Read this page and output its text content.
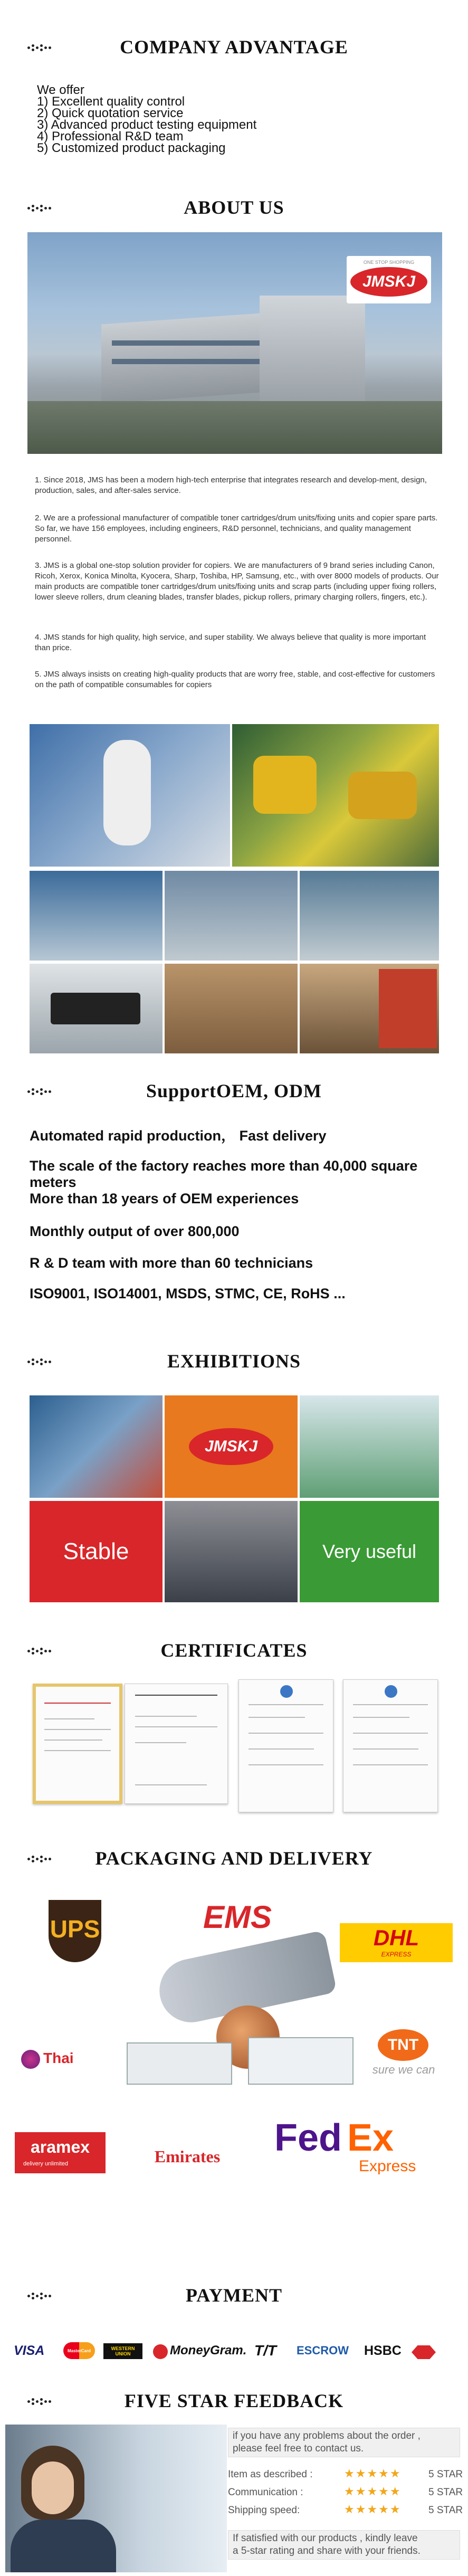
COMPANY ADVANTAGE
We offer
1) Excellent quality control
2) Quick quotation service
3) Advanced product testing equipment
4) Professional R&D team
5) Customized product packaging
ABOUT US
ONE STOP SHOPPING
JMSKJ
1. Since 2018, JMS has been a modern high-tech enterprise that integrates research and develop-ment, design, production, sales, and after-sales service.
2. We are a professional manufacturer of compatible toner cartridges/drum units/fixing units and copier spare parts. So far, we have 156 employees, including engineers, R&D personnel, technicians, and quality management personnel.
3. JMS is a global one-stop solution provider for copiers. We are manufacturers of 9 brand series including Canon, Ricoh, Xerox, Konica Minolta, Kyocera, Sharp, Toshiba, HP, Samsung, etc., with over 8000 models of products. Our main products are compatible toner cartridges/drum units/fixing units and scrap parts (including upper fixing rollers, lower sleeve rollers, drum cleaning blades, transfer blades, pickup rollers, primary charging rollers, fingers, etc.).
4. JMS stands for high quality, high service, and super stability. We always believe that quality is more important than price.
5. JMS always insists on creating high-quality products that are worry free, stable, and cost-effective for customers on the path of compatible consumables for copiers
SupportOEM, ODM
Automated rapid production， Fast delivery
The scale of the factory reaches more than 40,000 square meters
More than 18 years of OEM experiences
Monthly output of over 800,000
R & D team with more than 60 technicians
ISO9001, ISO14001, MSDS, STMC, CE, RoHS ...
EXHIBITIONS
JMSKJ
Stable	Very useful
CERTIFICATES
PACKAGING AND DELIVERY
UPS	EMS
DHL
EXPRESS
Thai
TNT
sure we can
aramex
delivery unlimited	Emirates Fed Ex
Express
PAYMENT
VISA	MasterCard	WESTERN UNION	MoneyGram. T/T ESCROW HSBC
FIVE STAR FEEDBACK
if you have any problems about the order ,
please feel free to contact us.
Item as described :	★★★★★	5 STAR
Communication :	★★★★★	5 STAR
Shipping speed:	★★★★★	5 STAR
If satisfied with our products , kindly leave
a 5-star rating and share with your friends.
